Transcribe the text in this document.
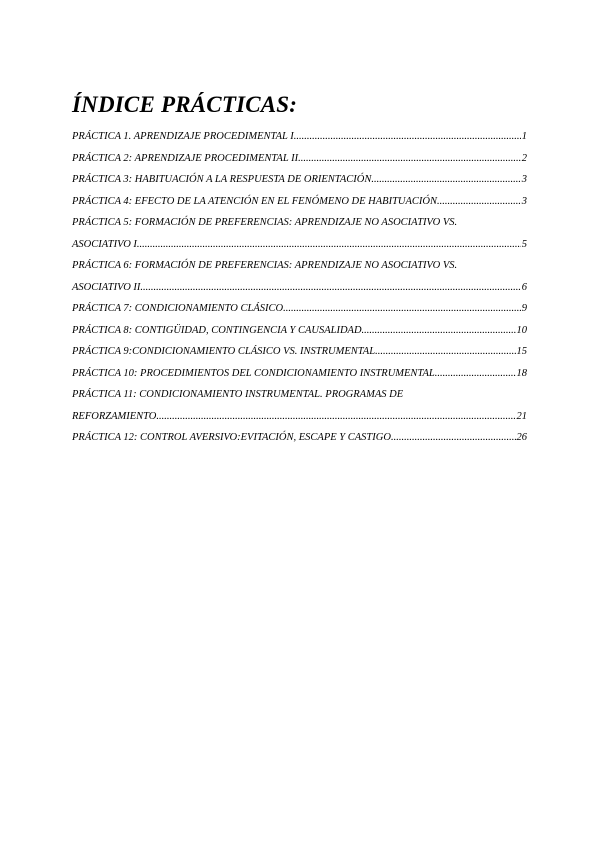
ÍNDICE PRÁCTICAS:
PRÁCTICA 1. APRENDIZAJE PROCEDIMENTAL I .....	1
PRÁCTICA 2: APRENDIZAJE PROCEDIMENTAL II .....	2
PRÁCTICA 3: HABITUACIÓN A LA RESPUESTA DE ORIENTACIÓN .....	3
PRÁCTICA 4: EFECTO DE LA ATENCIÓN EN EL FENÓMENO DE HABITUACIÓN .....	3
PRÁCTICA 5: FORMACIÓN DE PREFERENCIAS: APRENDIZAJE NO ASOCIATIVO VS.
ASOCIATIVO I .....	5
PRÁCTICA 6: FORMACIÓN DE PREFERENCIAS: APRENDIZAJE NO ASOCIATIVO VS.
ASOCIATIVO II .....	6
PRÁCTICA 7: CONDICIONAMIENTO CLÁSICO .....	9
PRÁCTICA 8: CONTIGÜIDAD, CONTINGENCIA Y CAUSALIDAD .....	10
PRÁCTICA 9:CONDICIONAMIENTO CLÁSICO VS. INSTRUMENTAL .....	15
PRÁCTICA 10: PROCEDIMIENTOS DEL CONDICIONAMIENTO INSTRUMENTAL .....	18
PRÁCTICA 11: CONDICIONAMIENTO INSTRUMENTAL. PROGRAMAS DE
REFORZAMIENTO .....	21
PRÁCTICA 12: CONTROL AVERSIVO:EVITACIÓN, ESCAPE Y CASTIGO .....	26
